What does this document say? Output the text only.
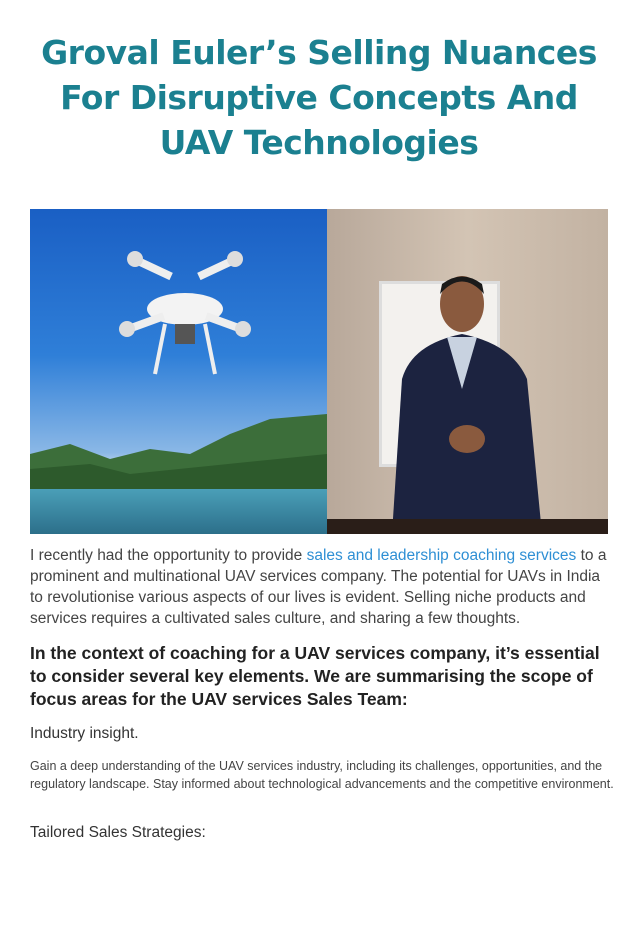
Groval Euler’s Selling Nuances For Disruptive Concepts And UAV Technologies

I recently had the opportunity to provide sales and leadership coaching services to a prominent and multinational UAV services company. The potential for UAVs in India to revolutionise various aspects of our lives is evident. Selling niche products and services requires a cultivated sales culture, and sharing a few thoughts.

In the context of coaching for a UAV services company, it’s essential to consider several key elements. We are summarising the scope of focus areas for the UAV services Sales Team:
Industry insight.

Gain a deep understanding of the UAV services industry, including its challenges, opportunities, and the regulatory landscape. Stay informed about technological advancements and the competitive environment.

Tailored Sales Strategies:
